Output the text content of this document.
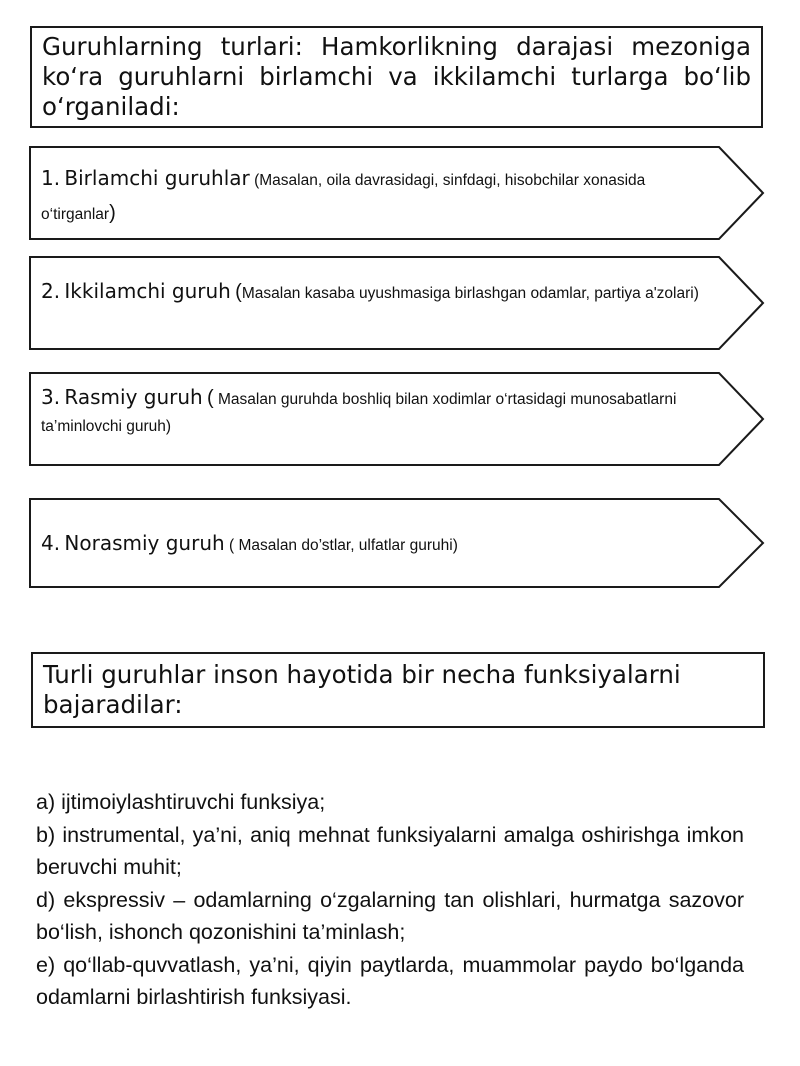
Guruhlarning turlari: Hamkorlikning darajasi mezoniga ko‘ra guruhlarni birlamchi va ikkilamchi turlarga bo‘lib o‘rganiladi:
1. Birlamchi guruhlar (Masalan, oila davrasidagi, sinfdagi, hisobchilar xonasida o‘tirganlar)
2. Ikkilamchi guruh (Masalan kasaba uyushmasiga birlashgan odamlar, partiya a'zolari)
3. Rasmiy guruh ( Masalan guruhda boshliq bilan xodimlar o‘rtasidagi munosabatlarni ta’minlovchi guruh)
4. Norasmiy guruh ( Masalan do’stlar, ulfatlar guruhi)
Turli guruhlar inson hayotida bir necha funksiyalarni bajaradilar:

a) ijtimoiylashtiruvchi funksiya;

b) instrumental, ya’ni, aniq mehnat funksiyalarni amalga oshirishga imkon beruvchi muhit;

d) ekspressiv – odamlarning o‘zgalarning tan olishlari, hurmatga sazovor bo‘lish, ishonch qozonishini ta’minlash;

e) qo‘llab-quvvatlash, ya’ni, qiyin paytlarda, muammolar paydo bo‘lganda odamlarni birlashtirish funksiyasi.
